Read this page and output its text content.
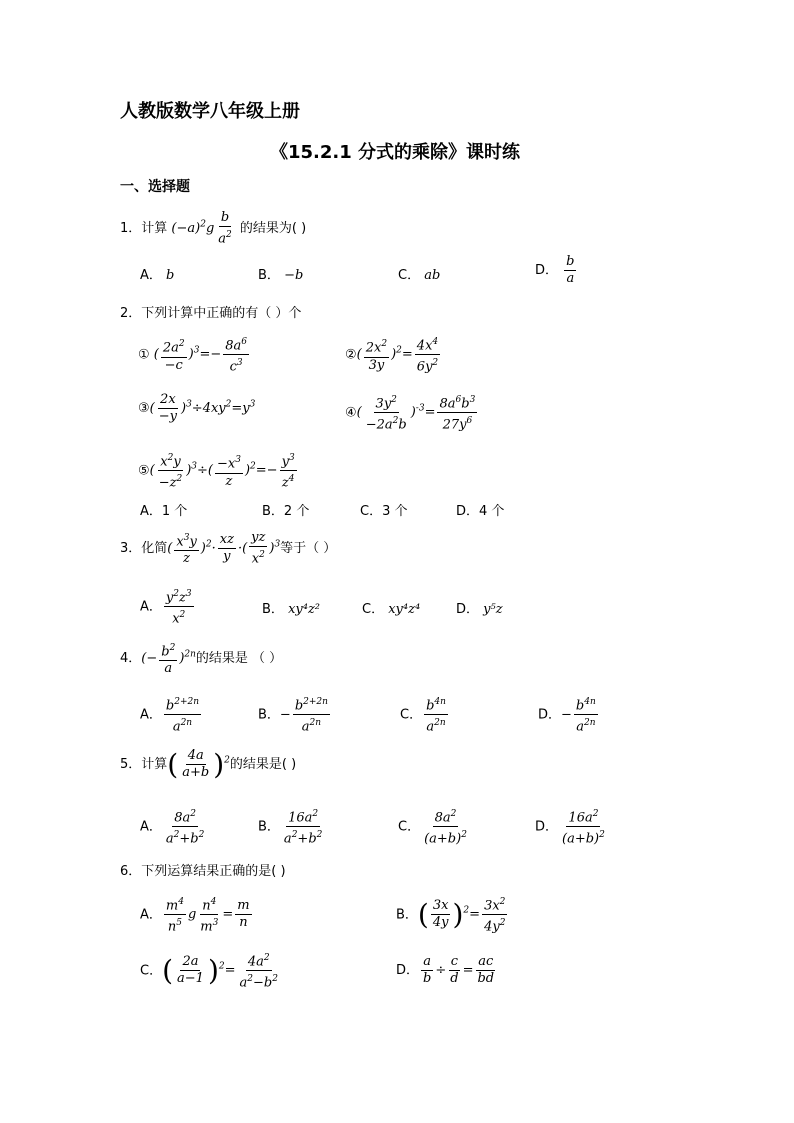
人教版数学八年级上册
《15.2.1 分式的乘除》课时练
一、选择题
1．计算 $(-a)^2g \frac{b}{a^2}$ 的结果为( )
A． b	B． −b	C． ab	D． $\frac{b}{a}$
2．下列计算中正确的有（ ）个
① ( $\frac{2a^2}{-c} )^3=- \frac{8a^6}{c^3}$	②( $\frac{2x^2}{3y} )^2= \frac{4x^4}{6y^2}$
③( $\frac{2x}{-y} )^3\div 4xy^2=y^3$
④( $\frac{3y^2}{-2a^2b} )^{-3}= \frac{8a^6b^3}{27y^6}$
⑤( $\frac{x^2y}{-z^2} )^3\div( \frac{-x^3}{z} )^2=- \frac{y^3}{z^4}$
A．1 个	B．2 个	C．3 个	D．4 个
3．化简( $\frac{x^3y}{z} )^2\cdot \frac{xz}{y}$ ·( $\frac{yz}{x^2} )^3$等于（ ）
A． $\frac{y^2z^3}{x^2}$	B． xy⁴z²	C． xy⁴z⁴	D． y⁵z
4．(− $\frac{b^2}{a} )^{2n}$的结果是 （ ）
A． $\frac{b^{2+2n}}{a^{2n}}$	B．− $\frac{b^{2+2n}}{a^{2n}}$	C． $\frac{b^{4n}}{a^{2n}}$	D．− $\frac{b^{4n}}{a^{2n}}$
5．计算( $\frac{4a}{a+b} )^2$的结果是( )
A． $\frac{8a^2}{a^2+b^2}$	B． $\frac{16a^2}{a^2+b^2}$	C． $\frac{8a^2}{(a+b)^2}$	D． $\frac{16a^2}{(a+b)^2}$
6．下列运算结果正确的是( )
A． $\frac{m^4}{n^5}$ g $\frac{n^4}{m^3} = \frac{m}{n}$	B．( $\frac{3x}{4y} )^2= \frac{3x^2}{4y^2}$
C．( $\frac{2a}{a-1} )^2= \frac{4a^2}{a^2-b^2}$	D． $\frac{a}{b} \div \frac{c}{d} = \frac{ac}{bd}$
